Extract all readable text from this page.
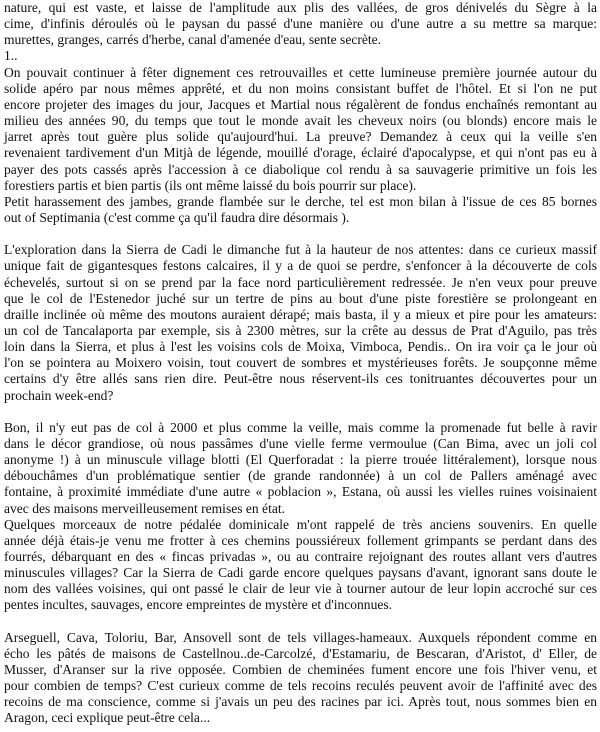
nature, qui est vaste, et laisse de l'amplitude aux plis des vallées, de gros dénivelés du Sègre à la

cime, d'infinis déroulés où le paysan du passé d'une manière ou d'une autre a su mettre sa marque:

murettes, granges, carrés d'herbe, canal d'amenée d'eau, sente secrète.

1..

On pouvait continuer à fêter dignement ces retrouvailles et cette lumineuse première journée autour du

solide apéro par nous mêmes apprêté, et du non moins consistant buffet de l'hôtel. Et si l'on ne put

encore projeter des images du jour, Jacques et Martial nous régalèrent de fondus enchaînés remontant au

milieu des années 90, du temps que tout le monde avait les cheveux noirs (ou blonds) encore mais le

jarret après tout guère plus solide qu'aujourd'hui. La preuve? Demandez à ceux qui la veille s'en

revenaient tardivement d'un Mitjà de légende, mouillé d'orage, éclairé d'apocalypse, et qui n'ont pas eu à

payer des pots cassés après l'accession à ce diabolique col rendu à sa sauvagerie primitive un fois les

forestiers partis et bien partis (ils ont même laissé du bois pourrir sur place).

Petit harassement des jambes, grande flambée sur le derche, tel est mon bilan à l'issue de ces 85 bornes

out of Septimania (c'est comme ça qu'il faudra dire désormais ).

L'exploration dans la Sierra de Cadi le dimanche fut à la hauteur de nos attentes: dans ce curieux massif

unique fait de gigantesques festons calcaires, il y a de quoi se perdre, s'enfoncer à la découverte de cols

échevelés, surtout si on se prend par la face nord particulièrement redressée. Je n'en veux pour preuve

que le col de l'Estenedor juché sur un tertre de pins au bout d'une piste forestière se prolongeant en

draille inclinée où même des moutons auraient dérapé; mais basta, il y a mieux et pire pour les amateurs:

un col de Tancalaporta par exemple, sis à 2300 mètres, sur la crête au dessus de Prat d'Aguilo, pas très

loin dans la Sierra, et plus à l'est les voisins cols de Moixa, Vimboca, Pendis.. On ira voir ça le jour où

l'on se pointera au Moixero voisin, tout couvert de sombres et mystérieuses forêts. Je soupçonne même

certains d'y être allés sans rien dire. Peut-être nous réservent-ils ces tonitruantes découvertes pour un

prochain week-end?

Bon, il n'y eut pas de col à 2000 et plus comme la veille, mais comme la promenade fut belle à ravir

dans le décor grandiose, où nous passâmes d'une vielle ferme vermoulue (Can Bima, avec un joli col

anonyme !) à un minuscule village blotti (El Querforadat : la pierre trouée littéralement), lorsque nous

débouchâmes d'un problématique sentier (de grande randonnée) à un col de Pallers aménagé avec

fontaine, à proximité immédiate d'une autre « poblacion », Estana, où aussi les vielles ruines voisinaient

avec des maisons merveilleusement remises en état.

Quelques morceaux de notre pédalée dominicale m'ont rappelé de très anciens souvenirs. En quelle

année déjà étais-je venu me frotter à ces chemins poussiéreux follement grimpants se perdant dans des

fourrés, débarquant en des « fincas privadas », ou au contraire rejoignant des routes allant vers d'autres

minuscules villages? Car la Sierra de Cadi garde encore quelques paysans d'avant, ignorant sans doute le

nom des vallées voisines, qui ont passé le clair de leur vie à tourner autour de leur lopin accroché sur ces

pentes incultes, sauvages, encore empreintes de mystère et d'inconnues.

Arseguell, Cava, Toloriu, Bar, Ansovell sont de tels villages-hameaux. Auxquels répondent comme en

écho les pâtés de maisons de Castellnou..de-Carcolzé, d'Estamariu, de Bescaran, d'Aristot, d' Eller, de

Musser, d'Aranser sur la rive opposée. Combien de cheminées fument encore une fois l'hiver venu, et

pour combien de temps? C'est curieux comme de tels recoins reculés peuvent avoir de l'affinité avec des

recoins de ma conscience, comme si j'avais un peu des racines par ici. Après tout, nous sommes bien en

Aragon, ceci explique peut-être cela...
